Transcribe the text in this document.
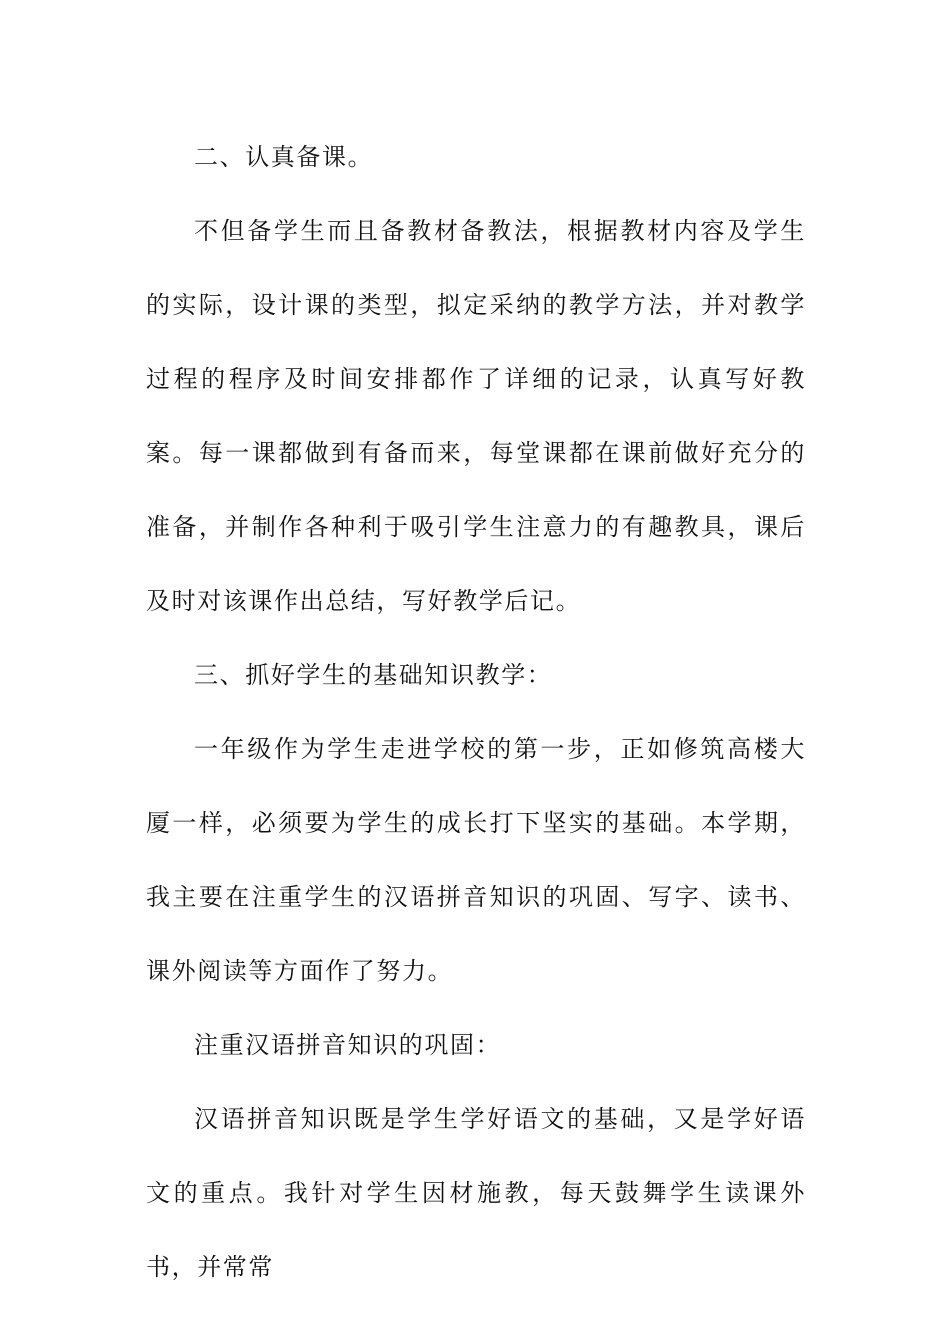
二、认真备课。

不但备学生而且备教材备教法，根据教材内容及学生的实际，设计课的类型，拟定采纳的教学方法，并对教学过程的程序及时间安排都作了详细的记录，认真写好教案。每一课都做到有备而来，每堂课都在课前做好充分的准备，并制作各种利于吸引学生注意力的有趣教具，课后及时对该课作出总结，写好教学后记。

三、抓好学生的基础知识教学：

一年级作为学生走进学校的第一步，正如修筑高楼大厦一样，必须要为学生的成长打下坚实的基础。本学期，我主要在注重学生的汉语拼音知识的巩固、写字、读书、课外阅读等方面作了努力。

注重汉语拼音知识的巩固：

汉语拼音知识既是学生学好语文的基础，又是学好语文的重点。我针对学生因材施教，每天鼓舞学生读课外书，并常常
